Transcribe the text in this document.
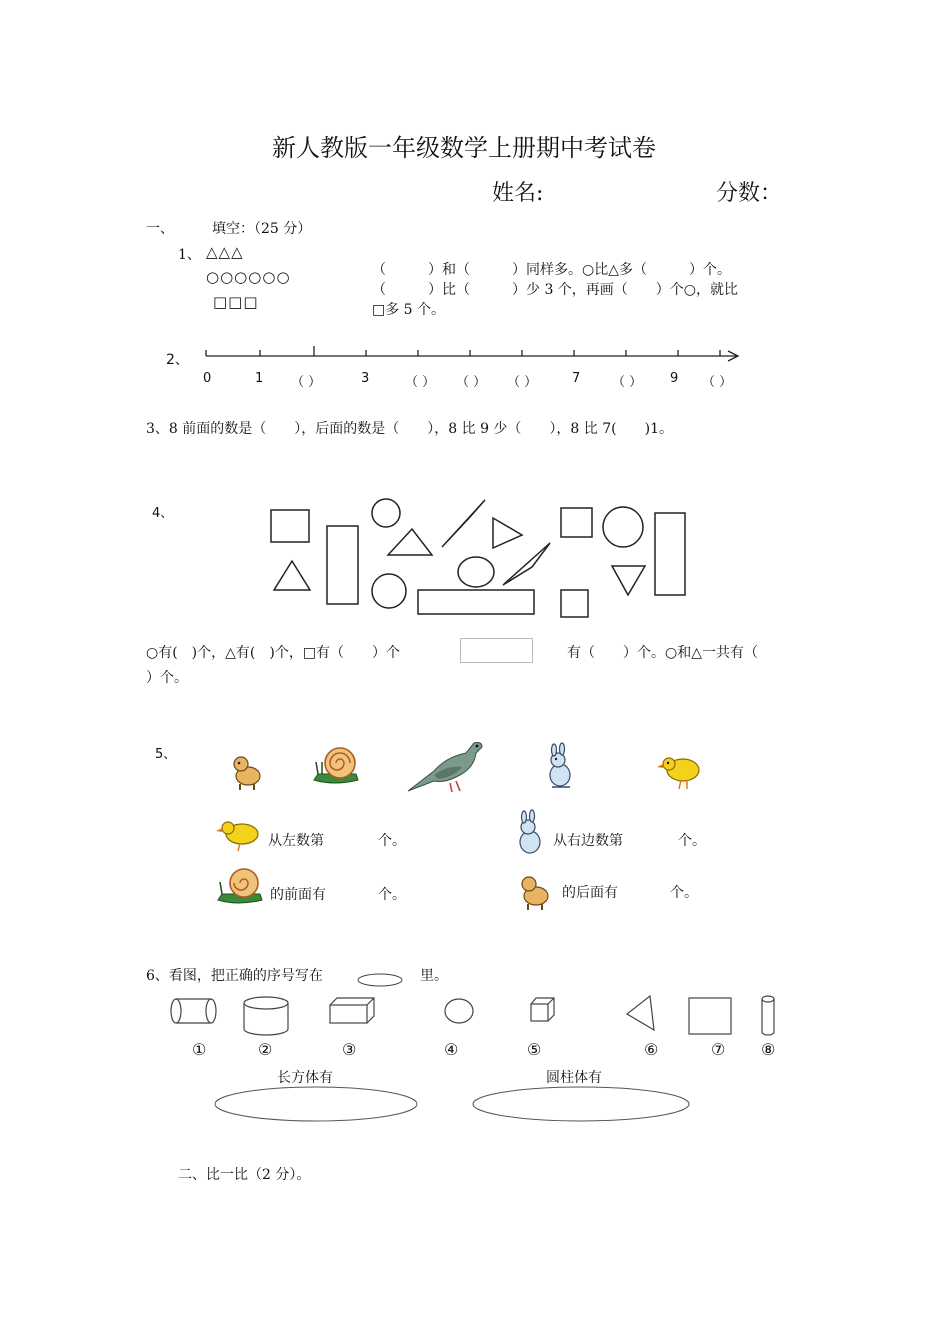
新人教版一年级数学上册期中考试卷
姓名:	分数：
一、	填空：（25 分）
1、 △△△
○○○○○○
□□□
（　　　）和（　　　）同样多。○比△多（　　　）个。
（　　　）比（　　　）少 3 个，再画（　　）个○，就比
□多 5 个。
2、
0	1 （ ）	3	（ ） （ ） （ ）	7 （ ） 9 （ ）
3、8 前面的数是（　　），后面的数是（　　），8 比 9 少（　　），8 比 7(　　)1。
4、
○有(　)个，△有(　)个，□有（　　）个	有（　　）个。○和△一共有（
）个。
5、
从左数第	个。	从右边数第	个。
的前面有	个。	的后面有	个。
6、看图，把正确的序号写在	里。
①	②	③	④	⑤	⑥	⑦ ⑧
长方体有	圆柱体有
二、比一比（2 分）。
